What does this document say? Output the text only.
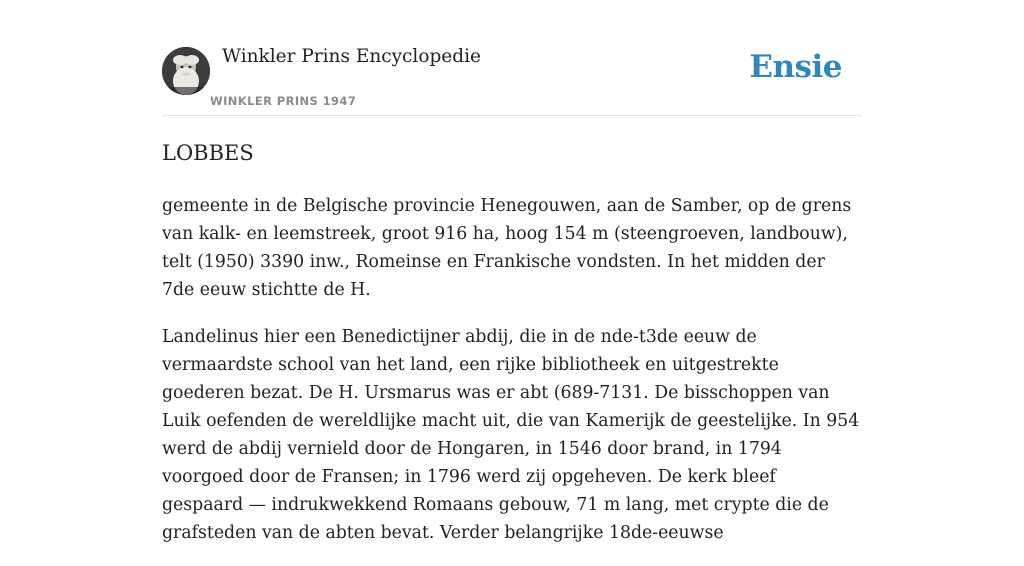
Winkler Prins Encyclopedie
WINKLER PRINS 1947
Ensie
LOBBES

gemeente in de Belgische provincie Henegouwen, aan de Samber, op de grens van kalk- en leemstreek, groot 916 ha, hoog 154 m (steengroeven, landbouw), telt (1950) 3390 inw., Romeinse en Frankische vondsten. In het midden der 7de eeuw stichtte de H.

Landelinus hier een Benedictijner abdij, die in de nde-t3de eeuw de vermaardste school van het land, een rijke bibliotheek en uitgestrekte goederen bezat. De H. Ursmarus was er abt (689-7131. De bisschoppen van Luik oefenden de wereldlijke macht uit, die van Kamerijk de geestelijke. In 954 werd de abdij vernield door de Hongaren, in 1546 door brand, in 1794 voorgoed door de Fransen; in 1796 werd zij opgeheven. De kerk bleef gespaard — indrukwekkend Romaans gebouw, 71 m lang, met crypte die de grafsteden van de abten bevat. Verder belangrijke 18de-eeuwse
